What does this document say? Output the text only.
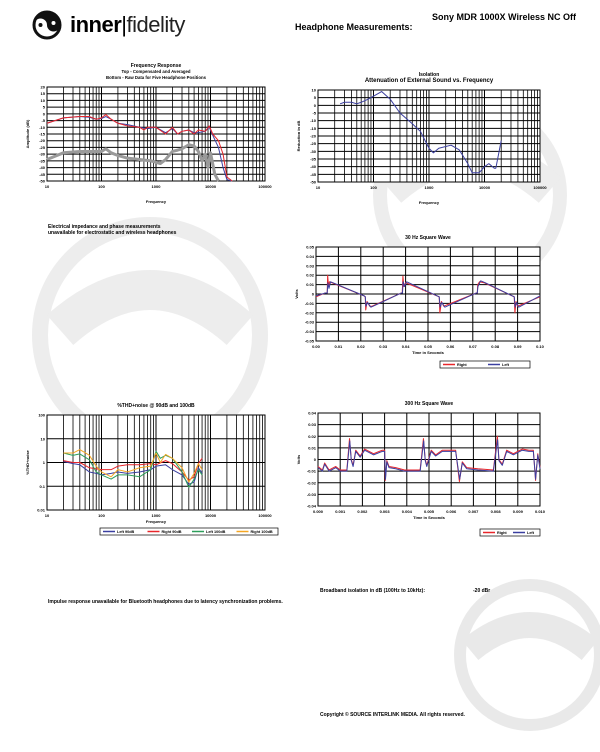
inner|fidelity	Headphone Measurements:
Sony MDR 1000X Wireless NC Off
Electrical impedance and phase measurements
unavailable for electrostatic and wireless headphones
Impulse response unavailable for Bluetooth headphones due to latency synchronization problems.
Broadband isolation in dB (100Hz to 10kHz):	-20 dBr
Copyright © SOURCE INTERLINK MEDIA. All rights reserved.
10	100	1000	10000	100000
20
15
10
5
0
-5
-10
-15
-20
-25
-30
-35
-40
-45
-50
Frequency
Amplitude (dB)
Frequency Response
Top - Compensated and Averaged
Bottom - Raw Data for Five Headphone Positions
10	100	1000	10000	100000
10
5
0
-5
-10
-15
-20
-25
-30
-35
-40
-45
-50
Frequency
Reduction in dB
Isolation
Attenuation of External Sound vs. Frequency
0.00	0.01	0.02	0.03	0.04	0.05	0.06	0.07	0.08	0.09	0.10
0.05
0.04
0.03
0.02
0.01
0
-0.01
-0.02
-0.03
-0.04
-0.05
Time in Seconds
Volts
30 Hz Square Wave
Right	Left
10	100	1000	10000	100000
100
10
1
0.1
0.01
Frequency
%THD+noise
%THD+noise @ 90dB and 100dB
Left 90dB	Right 90dB	Left 100dB	Right 100dB
0.000	0.001	0.002	0.003	0.004	0.005	0.006	0.007	0.008	0.009	0.010
0.04
0.03
0.02
0.01
0
-0.01
-0.02
-0.03
-0.04
Time in Seconds
Volts
300 Hz Square Wave
Right	Left
